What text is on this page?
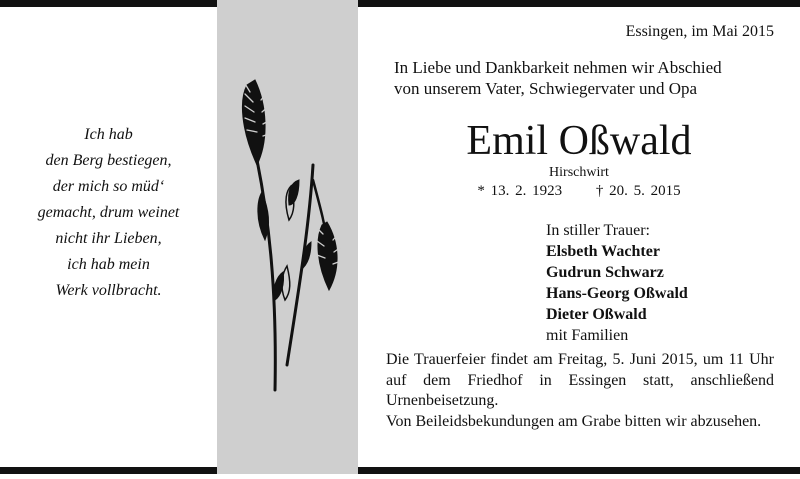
Ich hab
den Berg bestiegen,
der mich so müd‘
gemacht, drum weinet
nicht ihr Lieben,
ich hab mein
Werk vollbracht.
Essingen, im Mai 2015
In Liebe und Dankbarkeit nehmen wir Abschied
von unserem Vater, Schwiegervater und Opa
Emil Oßwald
Hirschwirt
* 13. 2. 1923 † 20. 5. 2015
In stiller Trauer:
Elsbeth Wachter
Gudrun Schwarz
Hans-Georg Oßwald
Dieter Oßwald
mit Familien

Die Trauerfeier findet am Freitag, 5. Juni 2015, um 11 Uhr auf dem Friedhof in Essingen statt, anschließend Urnenbeisetzung.

Von Beileidsbekundungen am Grabe bitten wir abzusehen.
